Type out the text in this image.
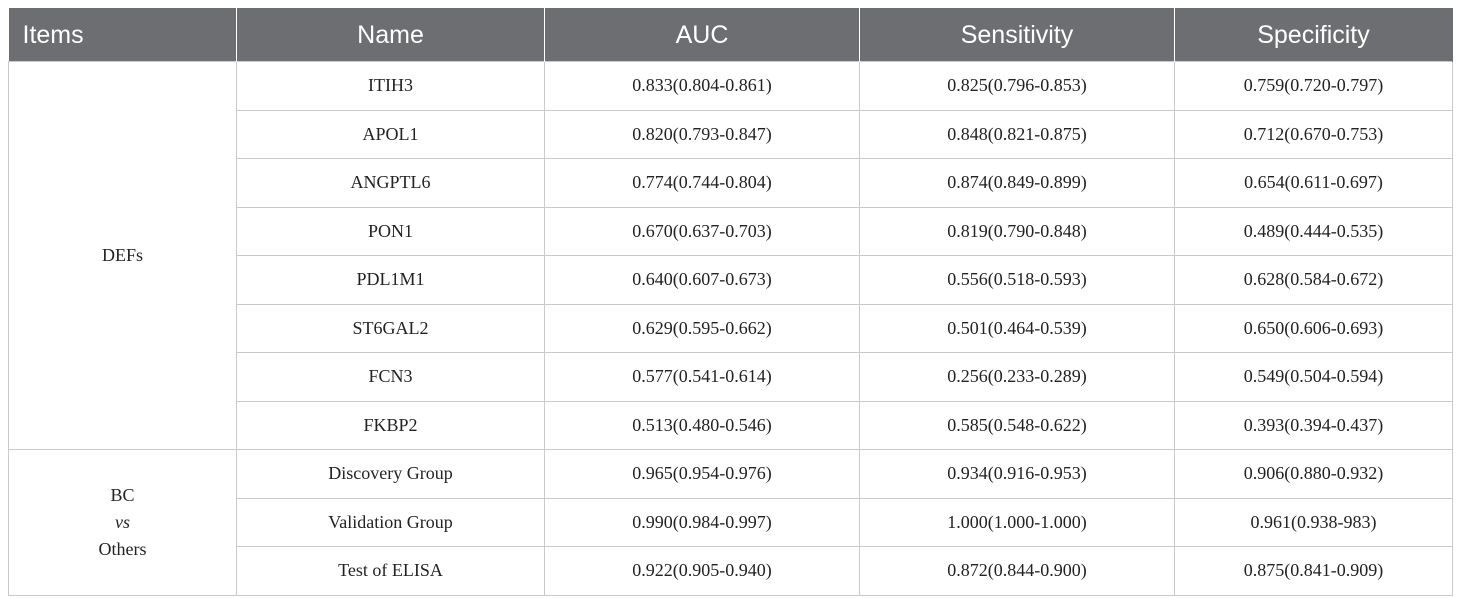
Items	Name	AUC	Sensitivity	Specificity

DEFs	ITIH3	0.833(0.804-0.861)	0.825(0.796-0.853)	0.759(0.720-0.797)
	APOL1	0.820(0.793-0.847)	0.848(0.821-0.875)	0.712(0.670-0.753)
	ANGPTL6	0.774(0.744-0.804)	0.874(0.849-0.899)	0.654(0.611-0.697)
	PON1	0.670(0.637-0.703)	0.819(0.790-0.848)	0.489(0.444-0.535)
	PDL1M1	0.640(0.607-0.673)	0.556(0.518-0.593)	0.628(0.584-0.672)
	ST6GAL2	0.629(0.595-0.662)	0.501(0.464-0.539)	0.650(0.606-0.693)
	FCN3	0.577(0.541-0.614)	0.256(0.233-0.289)	0.549(0.504-0.594)
	FKBP2	0.513(0.480-0.546)	0.585(0.548-0.622)	0.393(0.394-0.437)

BC
vs
Others	Discovery Group	0.965(0.954-0.976)	0.934(0.916-0.953)	0.906(0.880-0.932)
	Validation Group	0.990(0.984-0.997)	1.000(1.000-1.000)	0.961(0.938-983)
	Test of ELISA	0.922(0.905-0.940)	0.872(0.844-0.900)	0.875(0.841-0.909)
